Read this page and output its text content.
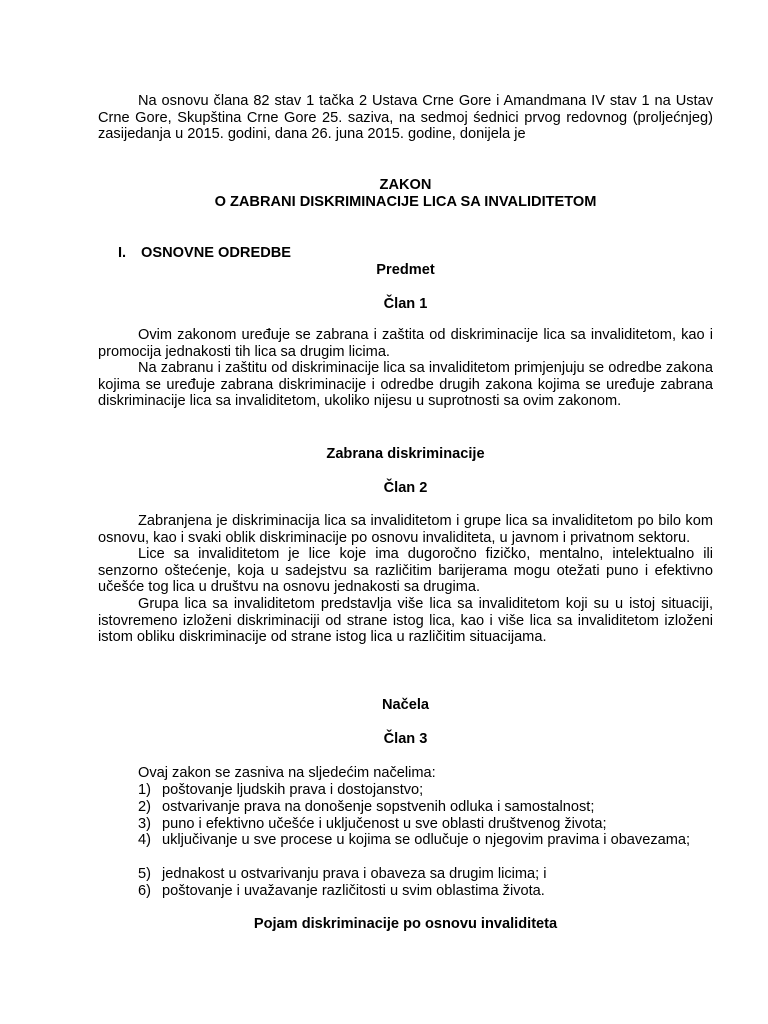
Na osnovu člana 82 stav 1 tačka 2 Ustava Crne Gore i Amandmana IV stav 1 na Ustav Crne Gore, Skupština Crne Gore 25. saziva, na sedmoj śednici prvog redovnog (proljećnjeg) zasijedanja u 2015. godini, dana 26. juna 2015. godine, donijela je

ZAKON
O ZABRANI DISKRIMINACIJE LICA SA INVALIDITETOM
I. OSNOVNE ODREDBE
Predmet
Član 1

Ovim zakonom uređuje se zabrana i zaštita od diskriminacije lica sa invaliditetom, kao i promocija jednakosti tih lica sa drugim licima.

Na zabranu i zaštitu od diskriminacije lica sa invaliditetom primjenjuju se odredbe zakona kojima se uređuje zabrana diskriminacije i odredbe drugih zakona kojima se uređuje zabrana diskriminacije lica sa invaliditetom, ukoliko nijesu u suprotnosti sa ovim zakonom.

Zabrana diskriminacije
Član 2

Zabranjena je diskriminacija lica sa invaliditetom i grupe lica sa invaliditetom po bilo kom osnovu, kao i svaki oblik diskriminacije po osnovu invaliditeta, u javnom i privatnom sektoru.

Lice sa invaliditetom je lice koje ima dugoročno fizičko, mentalno, intelektualno ili senzorno oštećenje, koja u sadejstvu sa različitim barijerama mogu otežati puno i efektivno učešće tog lica u društvu na osnovu jednakosti sa drugima.

Grupa lica sa invaliditetom predstavlja više lica sa invaliditetom koji su u istoj situaciji, istovremeno izloženi diskriminaciji od strane istog lica, kao i više lica sa invaliditetom izloženi istom obliku diskriminacije od strane istog lica u različitim situacijama.

Načela
Član 3

Ovaj zakon se zasniva na sljedećim načelima:

1) poštovanje ljudskih prava i dostojanstvo;
2) ostvarivanje prava na donošenje sopstvenih odluka i samostalnost;
3) puno i efektivno učešće i uključenost u sve oblasti društvenog života;

4) uključivanje u sve procese u kojima se odlučuje o njegovim pravima i obavezama;

5) jednakost u ostvarivanju prava i obaveza sa drugim licima; i
6) poštovanje i uvažavanje različitosti u svim oblastima života.
Pojam diskriminacije po osnovu invaliditeta
